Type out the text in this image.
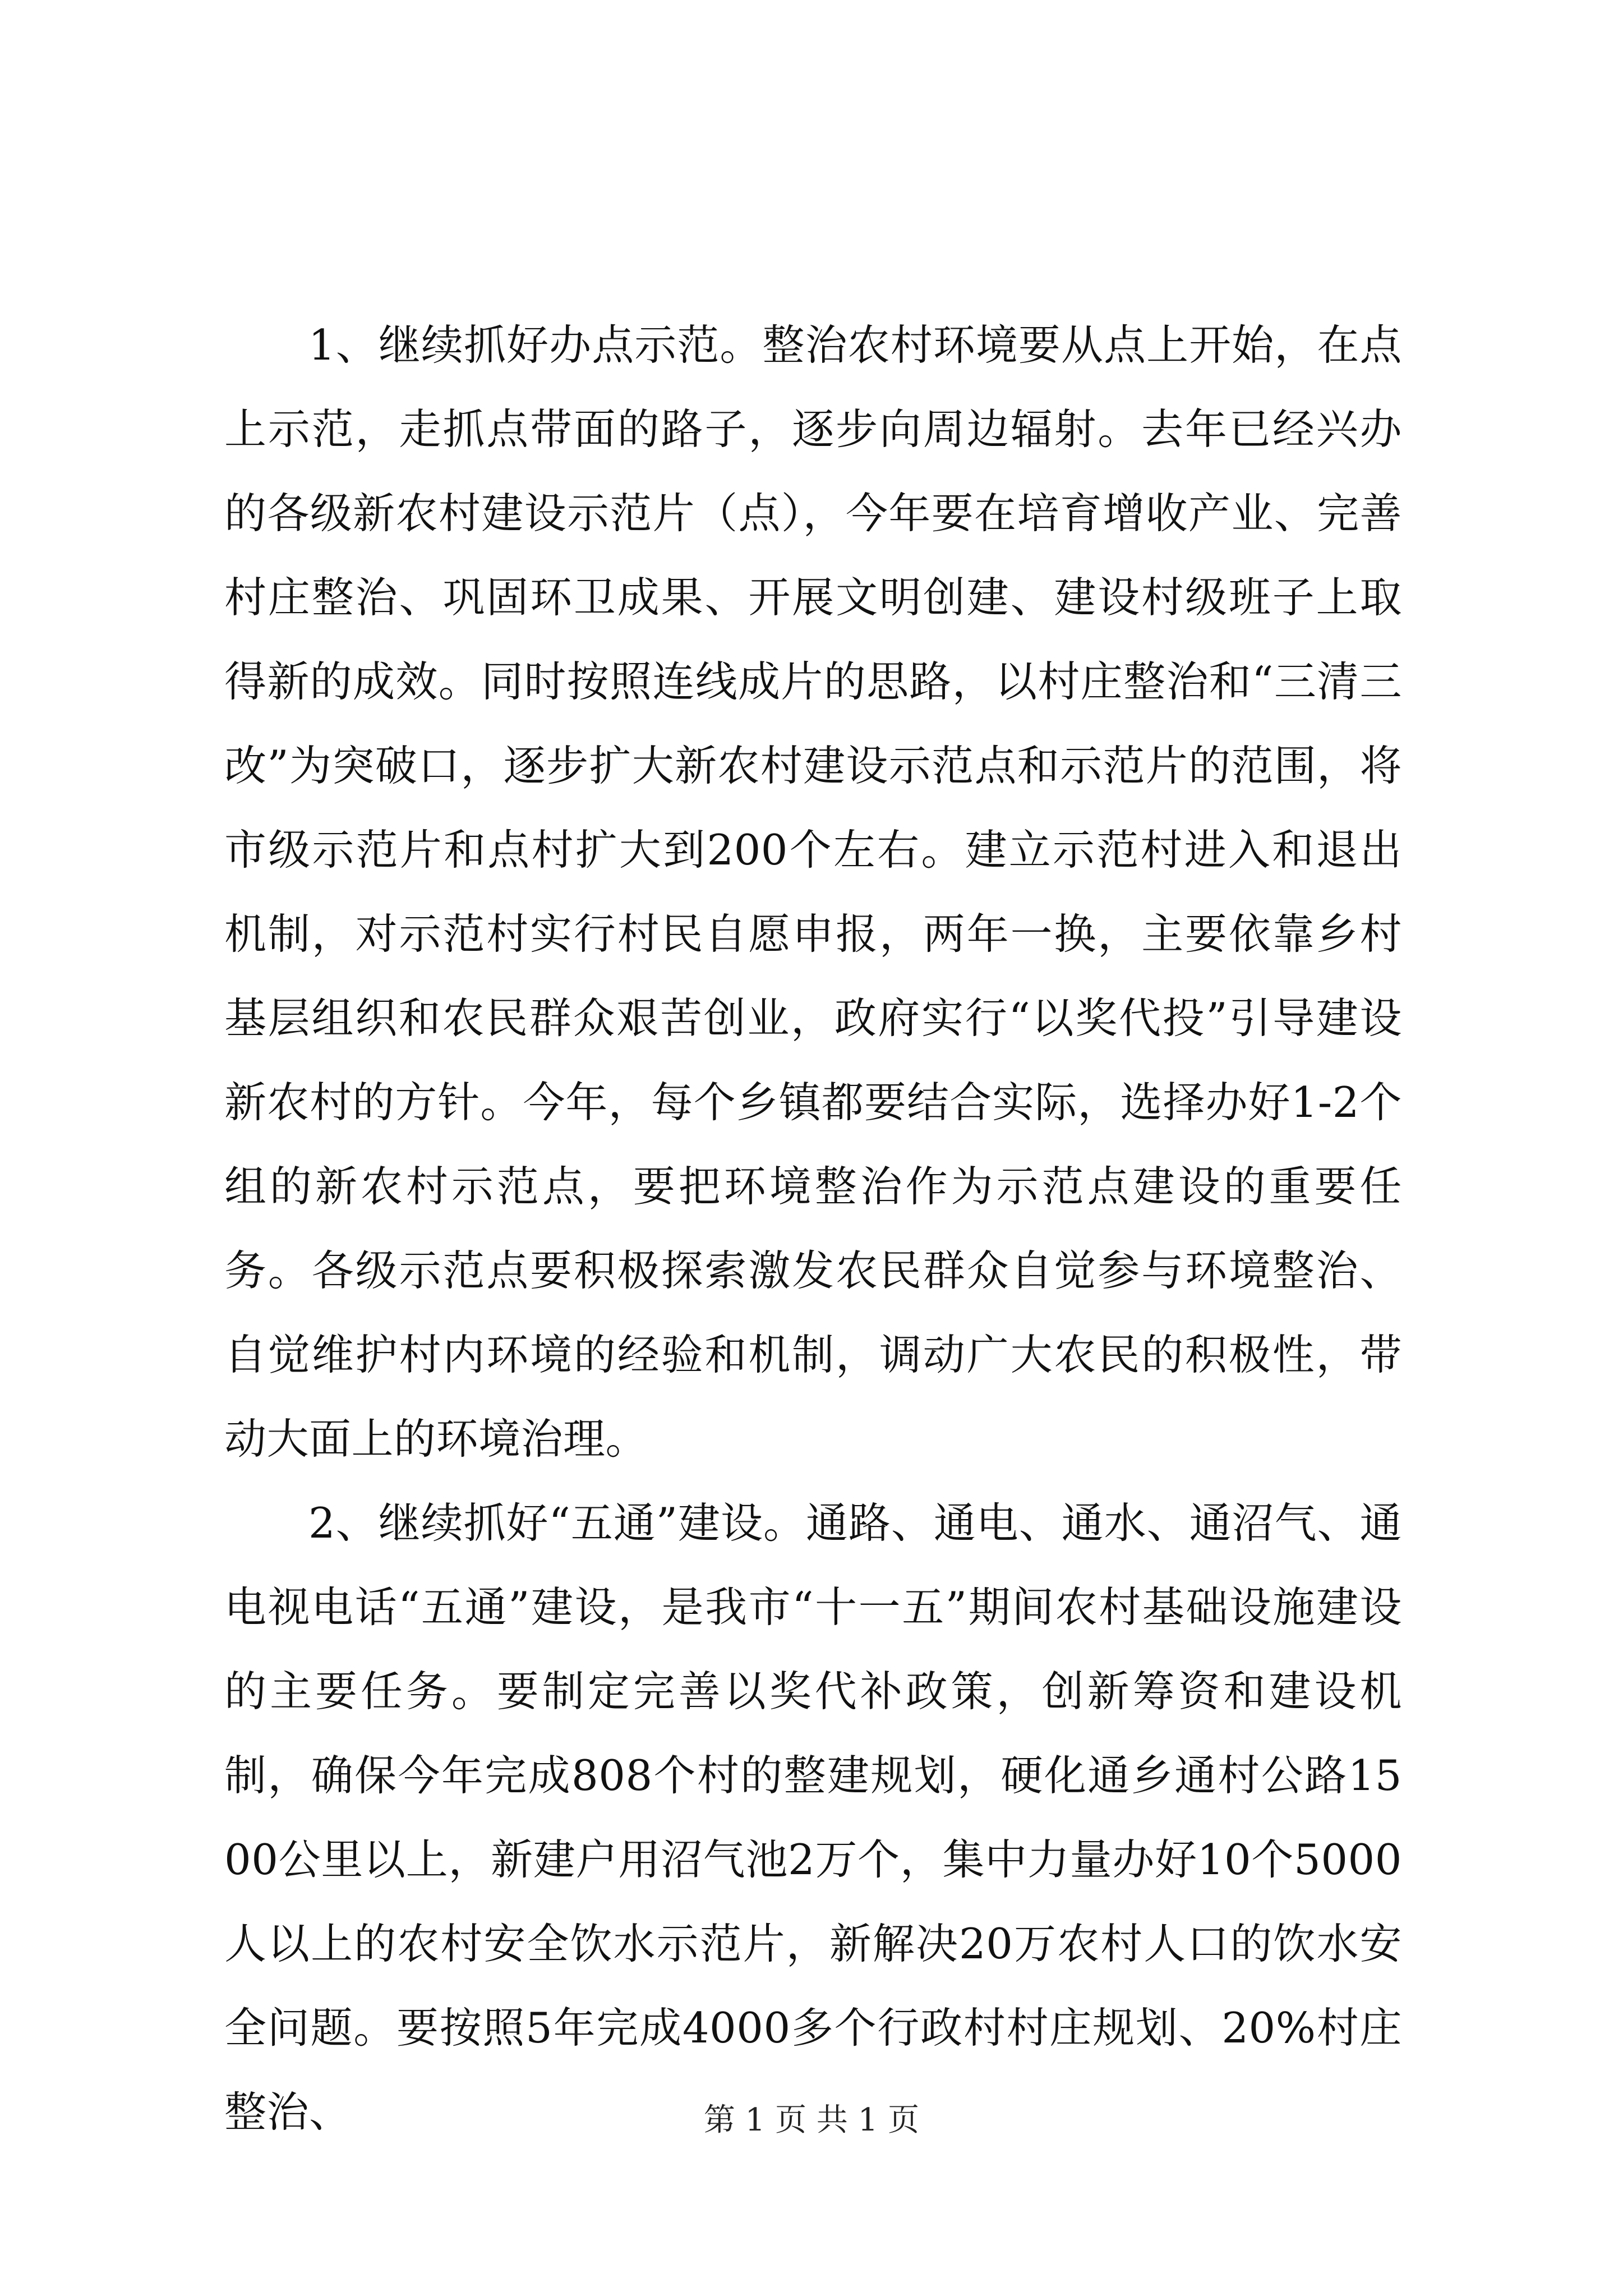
1、继续抓好办点示范。整治农村环境要从点上开始，在点上示范，走抓点带面的路子，逐步向周边辐射。去年已经兴办的各级新农村建设示范片（点），今年要在培育增收产业、完善村庄整治、巩固环卫成果、开展文明创建、建设村级班子上取得新的成效。同时按照连线成片的思路，以村庄整治和“三清三改”为突破口，逐步扩大新农村建设示范点和示范片的范围，将市级示范片和点村扩大到200个左右。建立示范村进入和退出机制，对示范村实行村民自愿申报，两年一换，主要依靠乡村基层组织和农民群众艰苦创业，政府实行“以奖代投”引导建设新农村的方针。今年，每个乡镇都要结合实际，选择办好1-2个组的新农村示范点，要把环境整治作为示范点建设的重要任务。各级示范点要积极探索激发农民群众自觉参与环境整治、自觉维护村内环境的经验和机制，调动广大农民的积极性，带动大面上的环境治理。

2、继续抓好“五通”建设。通路、通电、通水、通沼气、通电视电话“五通”建设，是我市“十一五”期间农村基础设施建设的主要任务。要制定完善以奖代补政策，创新筹资和建设机制，确保今年完成808个村的整建规划，硬化通乡通村公路1500公里以上，新建户用沼气池2万个，集中力量办好10个5000人以上的农村安全饮水示范片，新解决20万农村人口的饮水安全问题。要按照5年完成4000多个行政村村庄规划、20%村庄整治、	第 1 页 共 1 页
